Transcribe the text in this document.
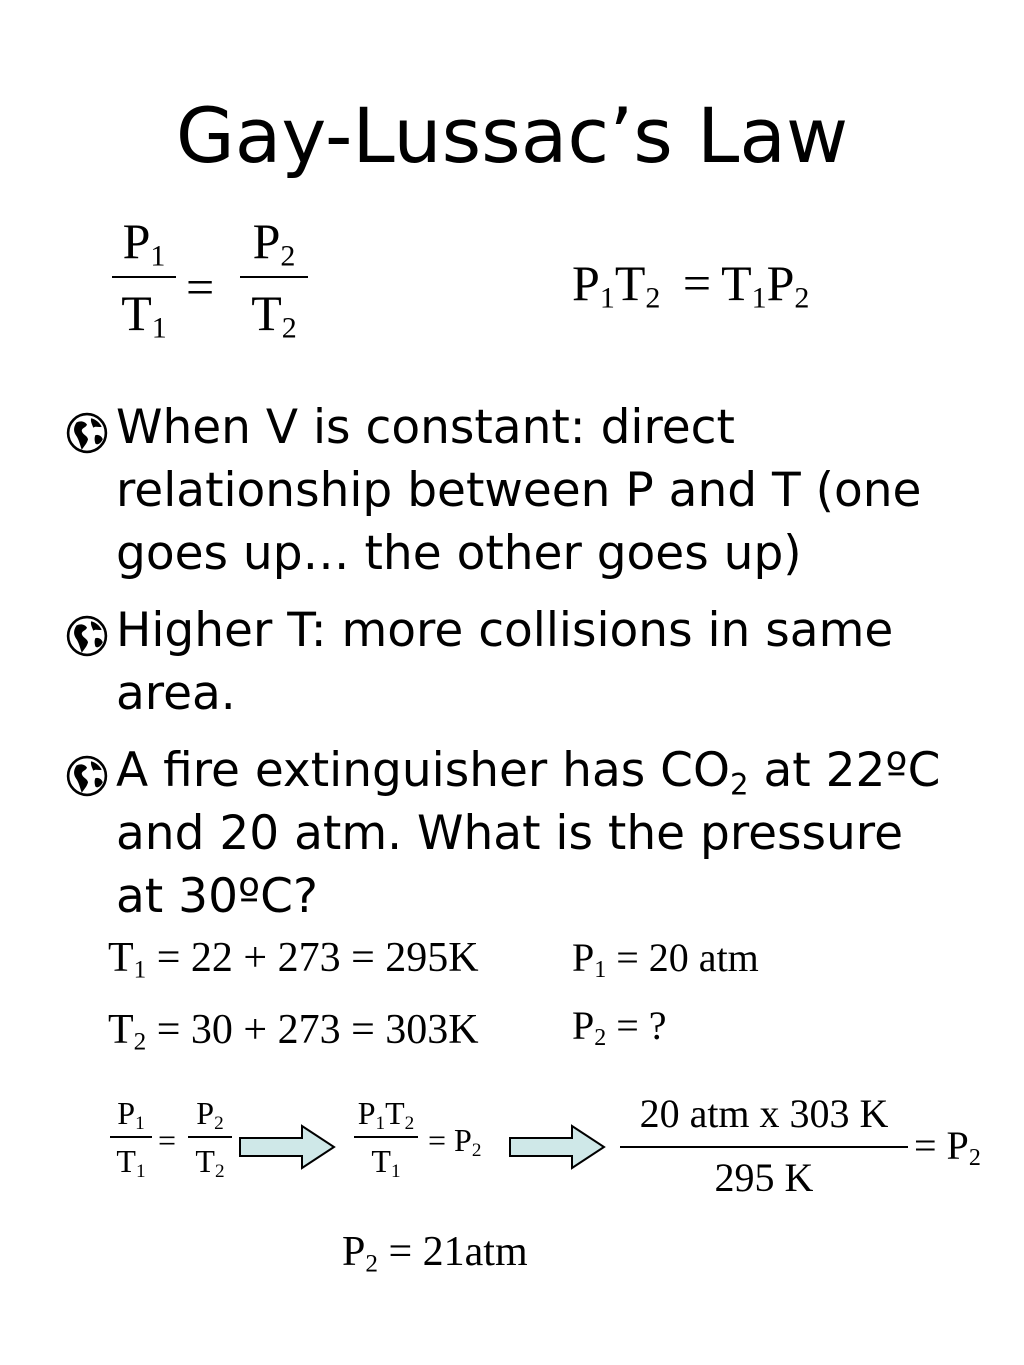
Gay-Lussac’s Law
$P_1$
$T_1$
=
$P_2$
$T_2$
$P_1T_2 = T_1P_2$
When V is constant: direct relationship between P and T (one goes up… the other goes up)
Higher T: more collisions in same area.
A fire extinguisher has CO2 at 22ºC and 20 atm. What is the pressure at 30ºC?
$T_1 = 22 + 273 = 295K$
$T_2 = 30 + 273 = 303K$
$P_1 = 20$ atm
$P_2$ = ?
$P_1$
$T_1$
=
$P_2$
$T_2$
$P_1T_2$
$T_1$
= $P_2$
20 atm x 303 K
295 K
= $P_2$
$P_2 = 21atm$
